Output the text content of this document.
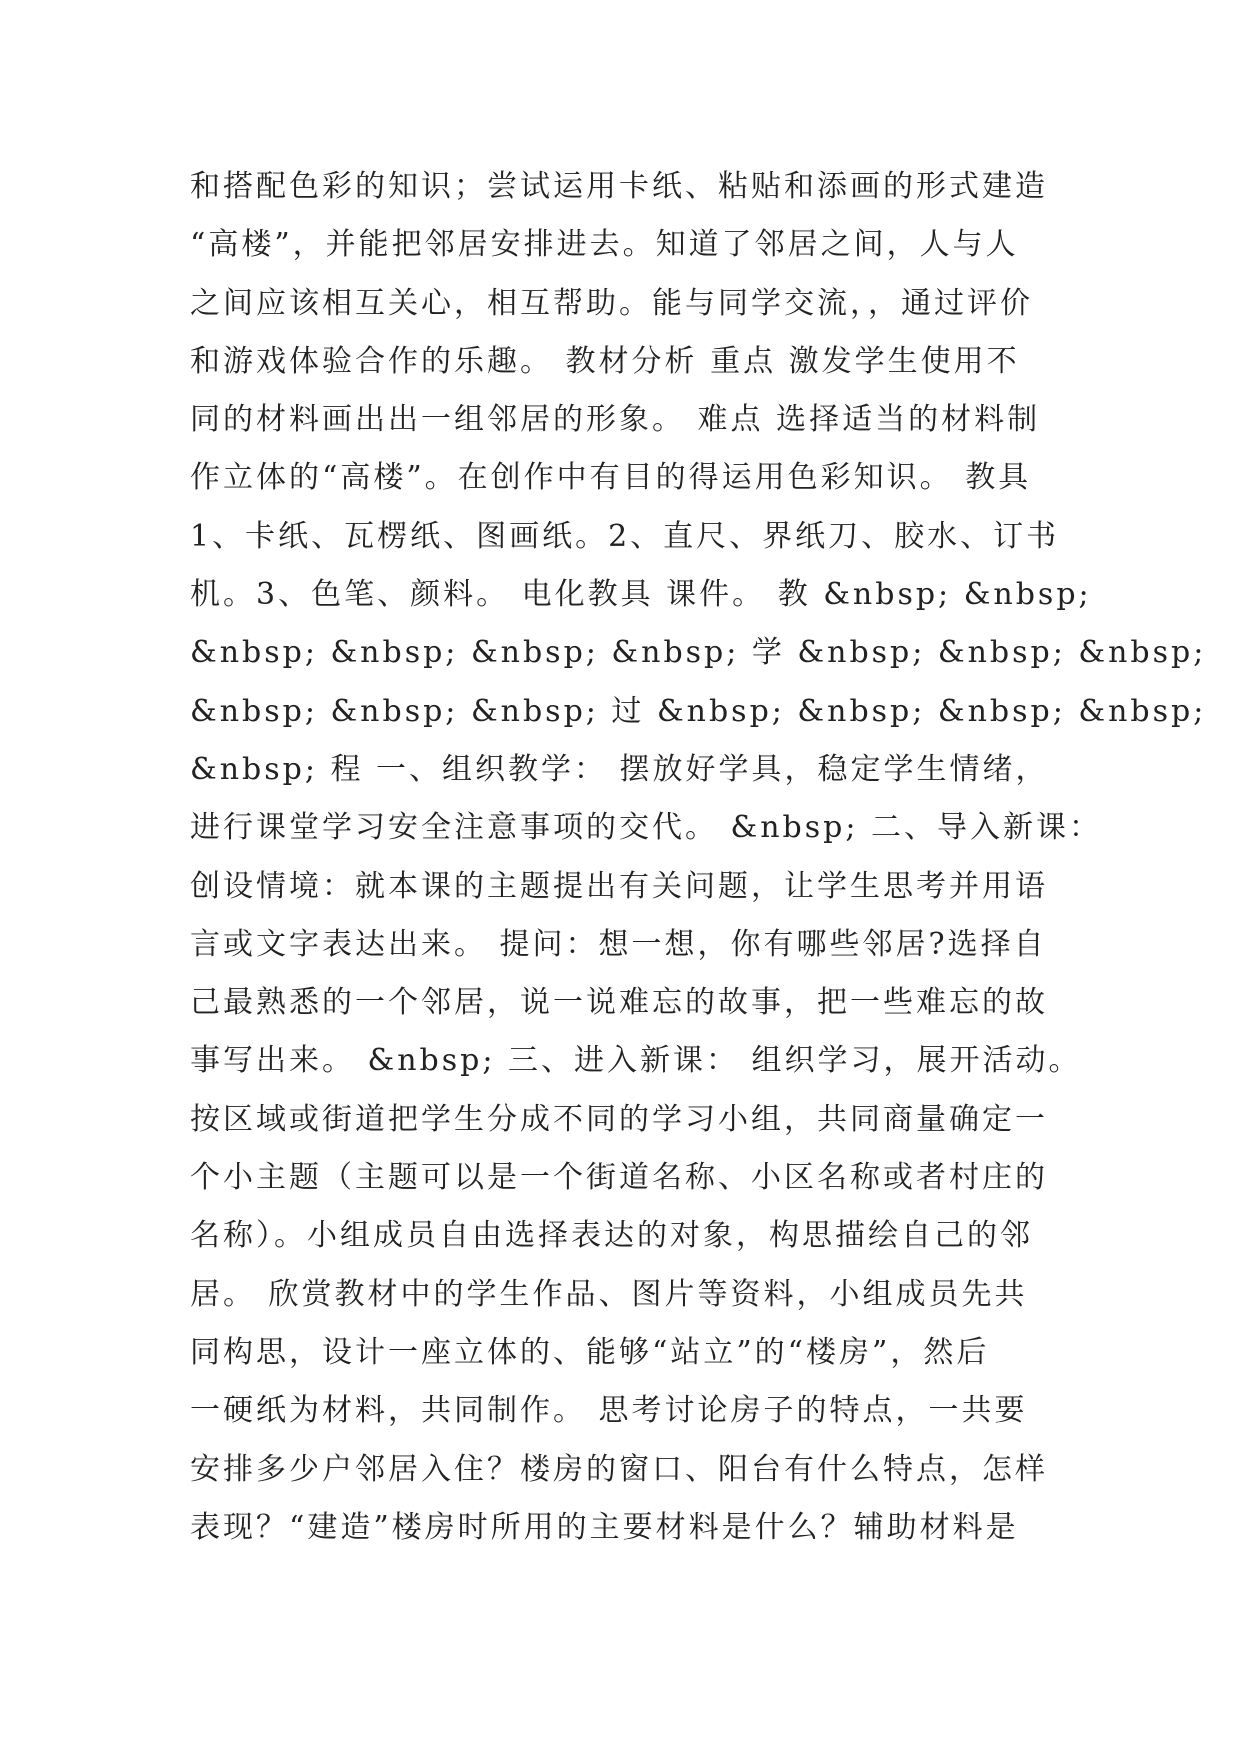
和搭配色彩的知识；尝试运用卡纸、粘贴和添画的形式建造
“高楼”，并能把邻居安排进去。知道了邻居之间，人与人
之间应该相互关心，相互帮助。能与同学交流，，通过评价
和游戏体验合作的乐趣。 教材分析 重点 激发学生使用不
同的材料画出出一组邻居的形象。 难点 选择适当的材料制
作立体的“高楼”。在创作中有目的得运用色彩知识。 教具
1、卡纸、瓦楞纸、图画纸。2、直尺、界纸刀、胶水、订书
机。3、色笔、颜料。 电化教具 课件。 教 &nbsp; &nbsp;
&nbsp; &nbsp; &nbsp; &nbsp; 学 &nbsp; &nbsp; &nbsp;
&nbsp; &nbsp; &nbsp; 过 &nbsp; &nbsp; &nbsp; &nbsp;
&nbsp; 程 一、组织教学： 摆放好学具，稳定学生情绪，
进行课堂学习安全注意事项的交代。 &nbsp; 二、导入新课：
创设情境：就本课的主题提出有关问题，让学生思考并用语
言或文字表达出来。 提问：想一想，你有哪些邻居?选择自
己最熟悉的一个邻居，说一说难忘的故事，把一些难忘的故
事写出来。 &nbsp; 三、进入新课： 组织学习，展开活动。
按区域或街道把学生分成不同的学习小组，共同商量确定一
个小主题（主题可以是一个街道名称、小区名称或者村庄的
名称）。小组成员自由选择表达的对象，构思描绘自己的邻
居。 欣赏教材中的学生作品、图片等资料，小组成员先共
同构思，设计一座立体的、能够“站立”的“楼房”，然后
一硬纸为材料，共同制作。 思考讨论房子的特点，一共要
安排多少户邻居入住？楼房的窗口、阳台有什么特点，怎样
表现？“建造”楼房时所用的主要材料是什么？辅助材料是
